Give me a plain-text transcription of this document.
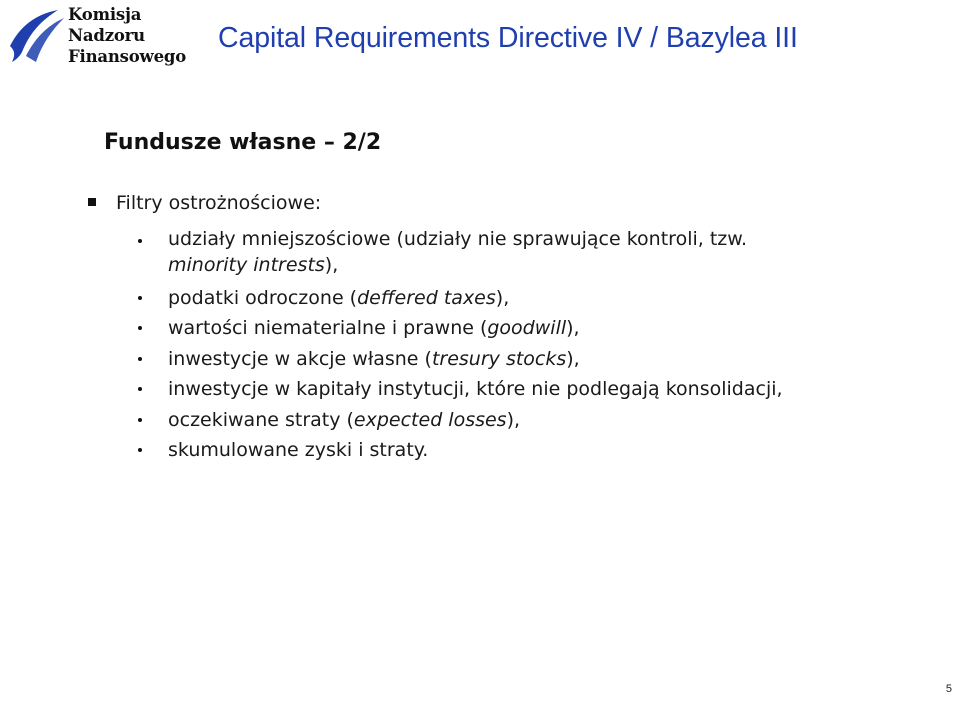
Komisja
Nadzoru
Finansowego
Capital Requirements Directive IV / Bazylea III
Fundusze własne – 2/2
Filtry ostrożnościowe:
udziały mniejszościowe (udziały nie sprawujące kontroli, tzw.
minority intrests),
podatki odroczone (deffered taxes),
wartości niematerialne i prawne (goodwill),
inwestycje w akcje własne (tresury stocks),
inwestycje w kapitały instytucji, które nie podlegają konsolidacji,
oczekiwane straty (expected losses),
skumulowane zyski i straty.
5
